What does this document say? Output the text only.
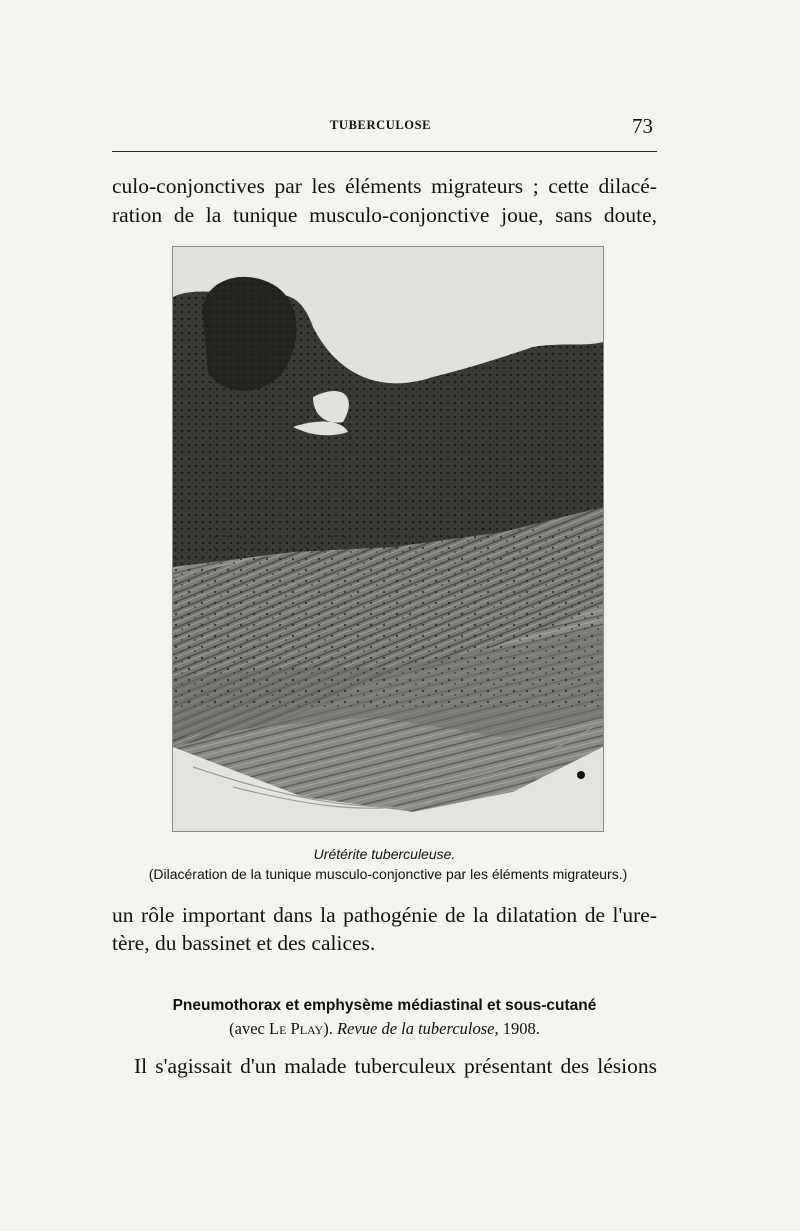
TUBERCULOSE	73
culo-conjonctives par les éléments migrateurs ; cette dilacé-
ration de la tunique musculo-conjonctive joue, sans doute,
Urétérite tuberculeuse.
(Dilacération de la tunique musculo-conjonctive par les éléments migrateurs.)
un rôle important dans la pathogénie de la dilatation de l'ure-
tère, du bassinet et des calices.
Pneumothorax et emphysème médiastinal et sous-cutané
(avec Le Play). Revue de la tuberculose, 1908.
Il s'agissait d'un malade tuberculeux présentant des lésions
